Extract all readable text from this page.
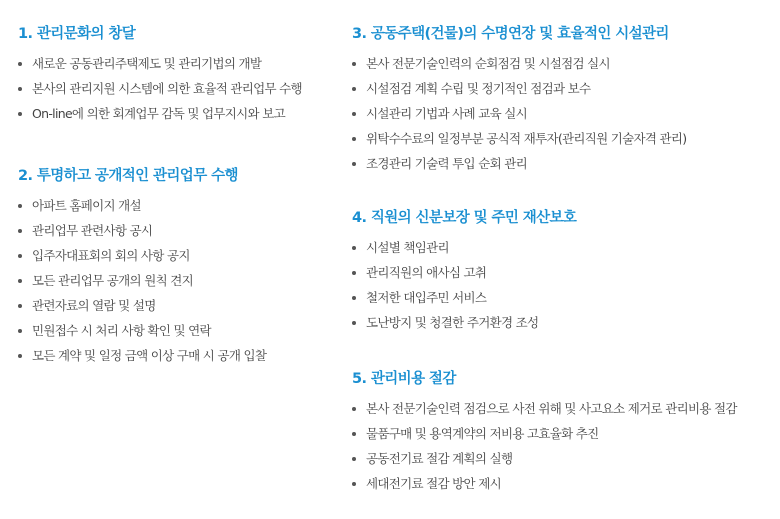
1. 관리문화의 창달
새로운 공동관리주택제도 및 관리기법의 개발
본사의 관리지원 시스템에 의한 효율적 관리업무 수행
On-line에 의한 회계업무 감독 및 업무지시와 보고
2. 투명하고 공개적인 관리업무 수행
아파트 홈페이지 개설
관리업무 관련사항 공시
입주자대표회의 회의 사항 공지
모든 관리업무 공개의 원칙 견지
관련자료의 열람 및 설명
민원접수 시 처리 사항 확인 및 연락
모든 계약 및 일정 금액 이상 구매 시 공개 입찰
3. 공동주택(건물)의 수명연장 및 효율적인 시설관리
본사 전문기술인력의 순회점검 및 시설점검 실시
시설점검 계획 수립 및 정기적인 점검과 보수
시설관리 기법과 사례 교육 실시
위탁수수료의 일정부분 공식적 재투자(관리직원 기술자격 관리)
조경관리 기술력 투입 순회 관리
4. 직원의 신분보장 및 주민 재산보호
시설별 책임관리
관리직원의 애사심 고취
철저한 대입주민 서비스
도난방지 및 청결한 주거환경 조성
5. 관리비용 절감
본사 전문기술인력 점검으로 사전 위해 및 사고요소 제거로 관리비용 절감
물품구매 및 용역계약의 저비용 고효율화 추진
공동전기료 절감 계획의 실행
세대전기료 절감 방안 제시
